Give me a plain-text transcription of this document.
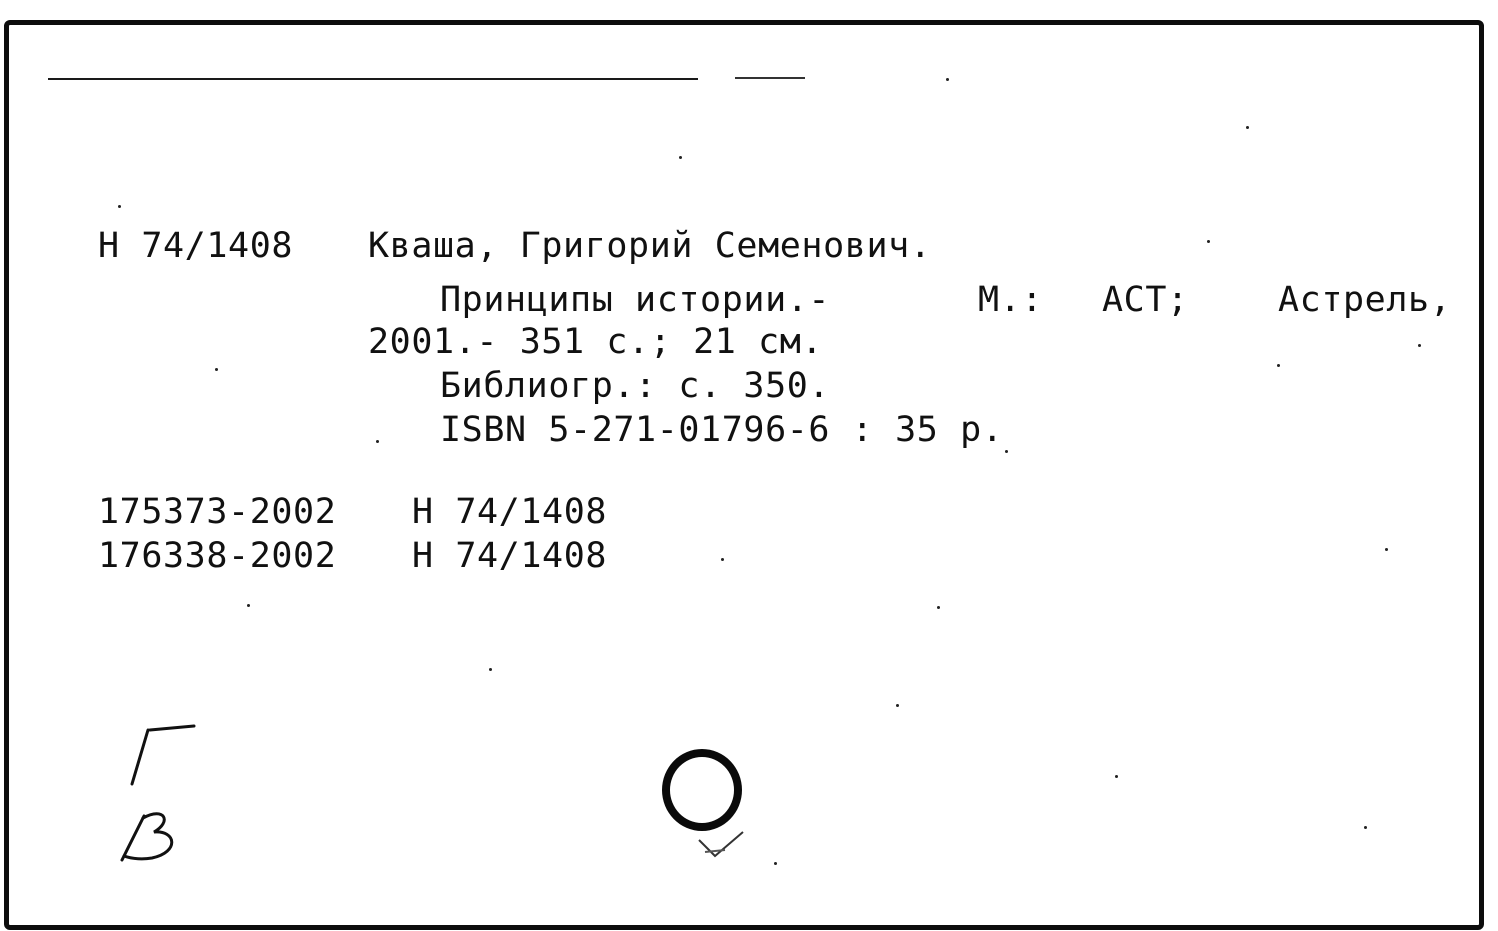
Н 74/1408 Кваша, Григорий Семенович.
Принципы истории.-	М.: АСТ;	Астрель,
2001.- 351 с.; 21 см.
Библиогр.: с. 350.
ISBN 5-271-01796-6 : 35 р.
175373-2002 Н 74/1408
176338-2002 Н 74/1408
